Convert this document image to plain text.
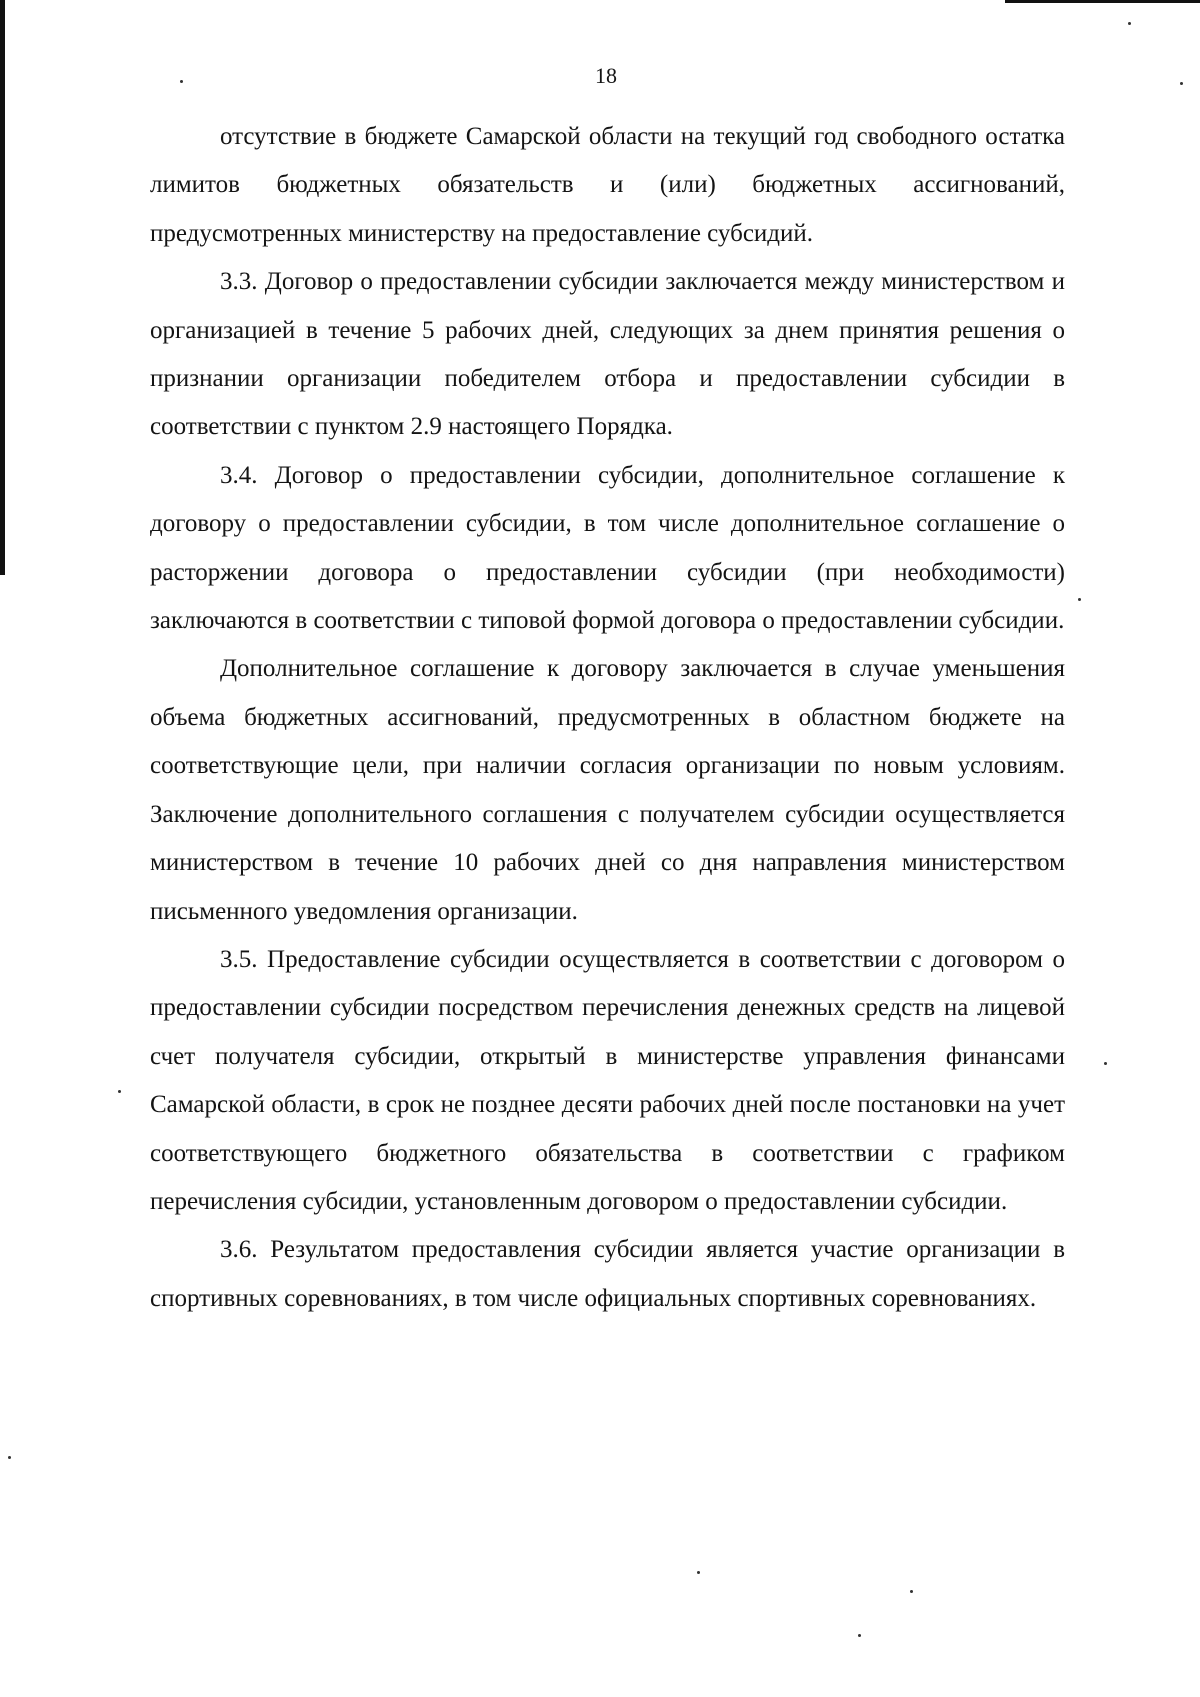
18

отсутствие в бюджете Самарской области на текущий год свободного остатка лимитов бюджетных обязательств и (или) бюджетных ассигнований, предусмотренных министерству на предоставление субсидий.

3.3. Договор о предоставлении субсидии заключается между министерством и организацией в течение 5 рабочих дней, следующих за днем принятия решения о признании организации победителем отбора и предоставлении субсидии в соответствии с пунктом 2.9 настоящего Порядка.

3.4. Договор о предоставлении субсидии, дополнительное соглашение к договору о предоставлении субсидии, в том числе дополнительное соглашение о расторжении договора о предоставлении субсидии (при необходимости) заключаются в соответствии с типовой формой договора о предоставлении субсидии.

Дополнительное соглашение к договору заключается в случае уменьшения объема бюджетных ассигнований, предусмотренных в областном бюджете на соответствующие цели, при наличии согласия организации по новым условиям. Заключение дополнительного соглашения с получателем субсидии осуществляется министерством в течение 10 рабочих дней со дня направления министерством письменного уведомления организации.

3.5. Предоставление субсидии осуществляется в соответствии с договором о предоставлении субсидии посредством перечисления денежных средств на лицевой счет получателя субсидии, открытый в министерстве управления финансами Самарской области, в срок не позднее десяти рабочих дней после постановки на учет соответствующего бюджетного обязательства в соответствии с графиком перечисления субсидии, установленным договором о предоставлении субсидии.

3.6. Результатом предоставления субсидии является участие организации в спортивных соревнованиях, в том числе официальных спортивных соревнованиях.
